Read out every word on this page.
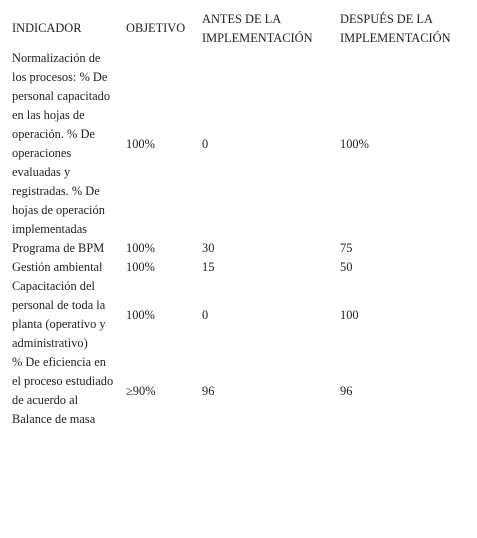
INDICADOR	OBJETIVO	ANTES DE LA IMPLEMENTACIÓN	DESPUÉS DE LA IMPLEMENTACIÓN
Normalización de los procesos: % De personal capacitado en las hojas de operación. % De operaciones evaluadas y registradas. % De hojas de operación implementadas	100%	0	100%
Programa de BPM	100%	30	75
Gestión ambiental	100%	15	50
Capacitación del personal de toda la planta (operativo y administrativo)	100%	0	100
% De eficiencia en el proceso estudiado de acuerdo al Balance de masa	≥90%	96	96
